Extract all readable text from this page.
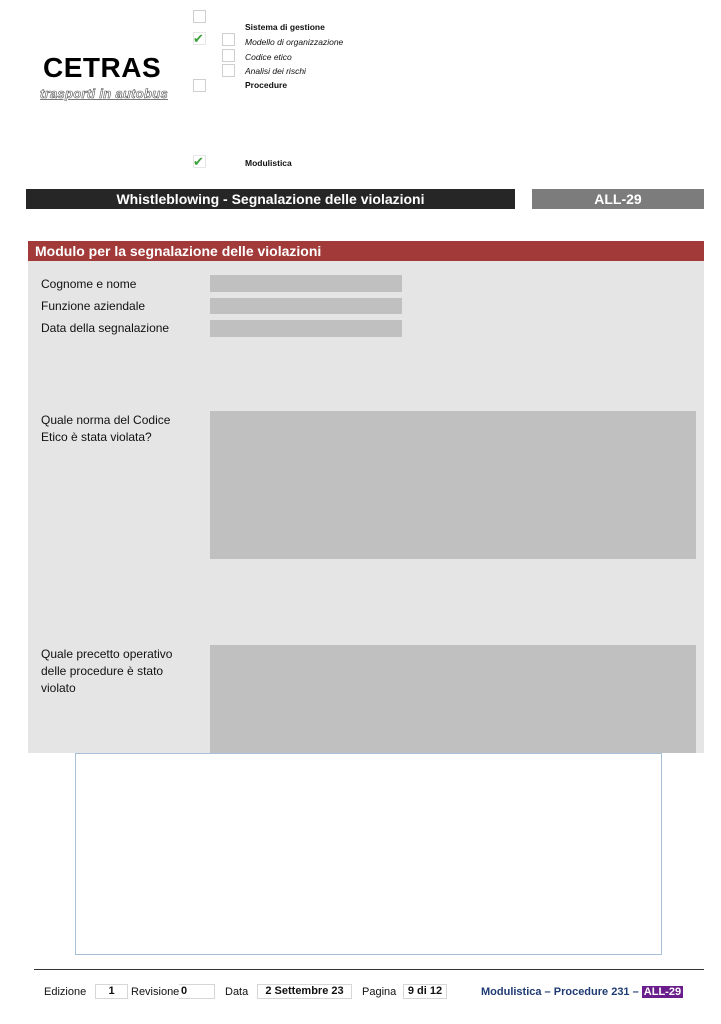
CETRAS
trasporti in autobus
Sistema di gestione
✔	Modello di organizzazione
Codice etico
Analisi dei rischi
Procedure
✔	Modulistica
Whistleblowing - Segnalazione delle violazioni	ALL-29
Modulo per la segnalazione delle violazioni
Cognome e nome
Funzione aziendale
Data della segnalazione
Quale norma del Codice Etico è stata violata?
Quale precetto operativo delle procedure è stato violato
Edizione	1	Revisione 0	Data	2 Settembre 23	Pagina	9 di 12	Modulistica – Procedure 231 – ALL-29
